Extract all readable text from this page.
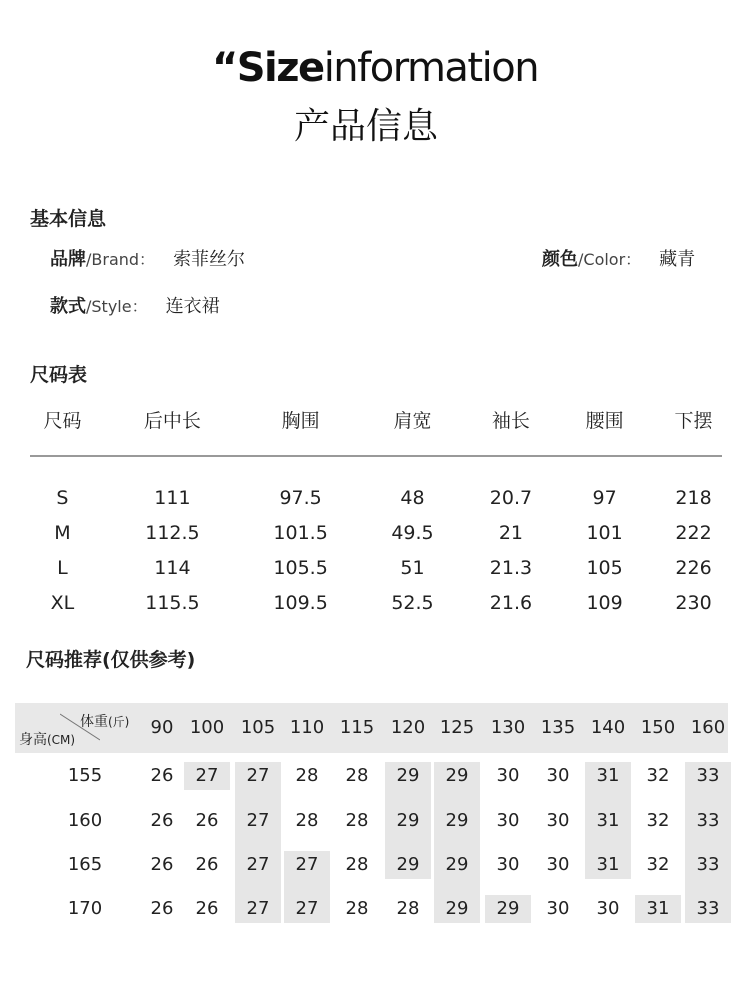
“Sizeinformation
产品信息
基本信息
品牌/Brand： 索菲丝尔	颜色/Color： 藏青
款式/Style： 连衣裙
尺码表
尺码	后中长	胸围	肩宽	袖长	腰围	下摆

S	111	97.5	48	20.7	97	218
M	112.5	101.5	49.5	21	101	222
L	114	105.5	51	21.3	105	226
XL	115.5	109.5	52.5	21.6	109	230
尺码推荐(仅供参考)
体重(斤)
身高(CM)
90 100 105 110 115 120 125 130 135 140 150 160
155	26	27	27	28	28	29	29	30	30	31	32	33
160	26	26	27	28	28	29	29	30	30	31	32	33
165	26	26	27	27	28	29	29	30	30	31	32	33
170	26	26	27	27	28	28	29	29	30	30	31	33
